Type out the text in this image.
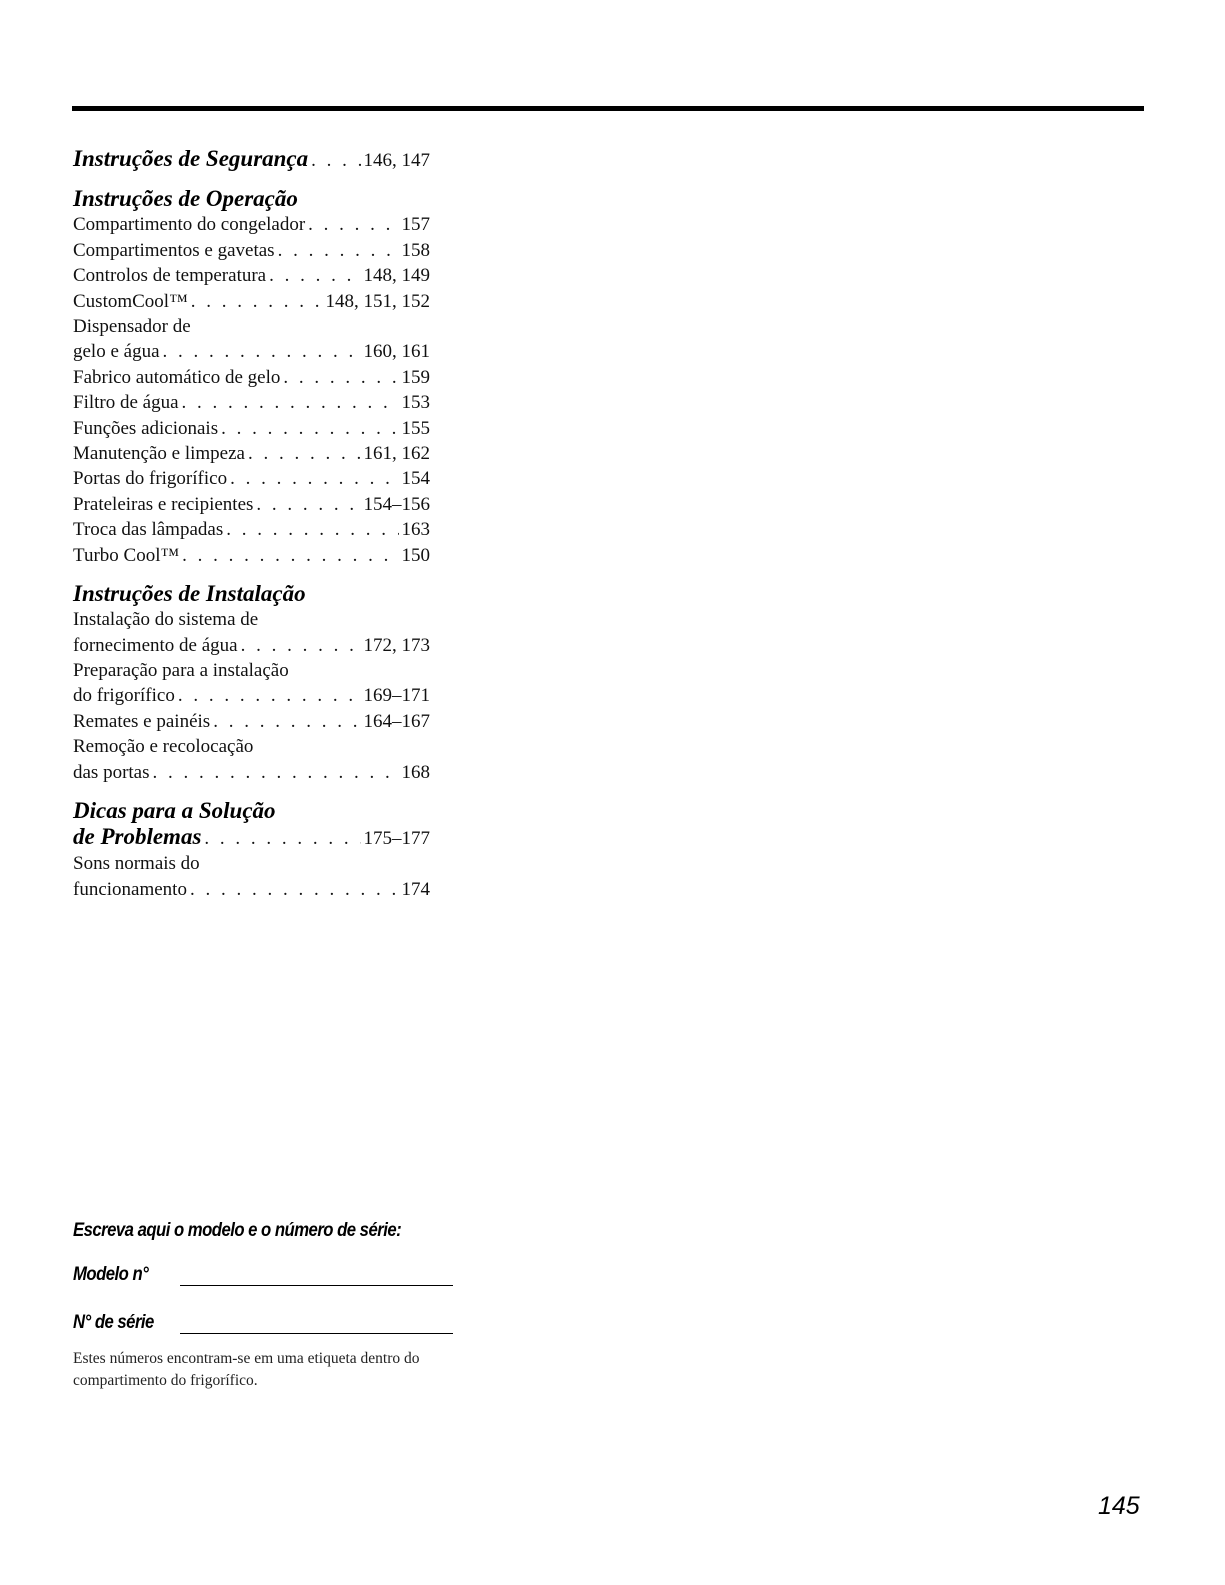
Instruções de Segurança . . .	146, 147
Instruções de Operação
Compartimento do congelador . . .	157
Compartimentos e gavetas . . .	158
Controlos de temperatura . . .	148, 149
CustomCool™ . . .	148, 151, 152
Dispensador de
gelo e água . . .	160, 161
Fabrico automático de gelo . . .	159
Filtro de água . . .	153
Funções adicionais . . .	155
Manutenção e limpeza . . .	161, 162
Portas do frigorífico . . .	154
Prateleiras e recipientes . . .	154–156
Troca das lâmpadas . . .	163
Turbo Cool™ . . .	150
Instruções de Instalação
Instalação do sistema de
fornecimento de água . . .	172, 173
Preparação para a instalação
do frigorífico . . .	169–171
Remates e painéis . . .	164–167
Remoção e recolocação
das portas . . .	168
Dicas para a Solução
de Problemas . . .	175–177
Sons normais do
funcionamento . . .	174
Escreva aqui o modelo e o número de série:
Modelo n°
N° de série
Estes números encontram-se em uma etiqueta dentro do compartimento do frigorífico.
145
